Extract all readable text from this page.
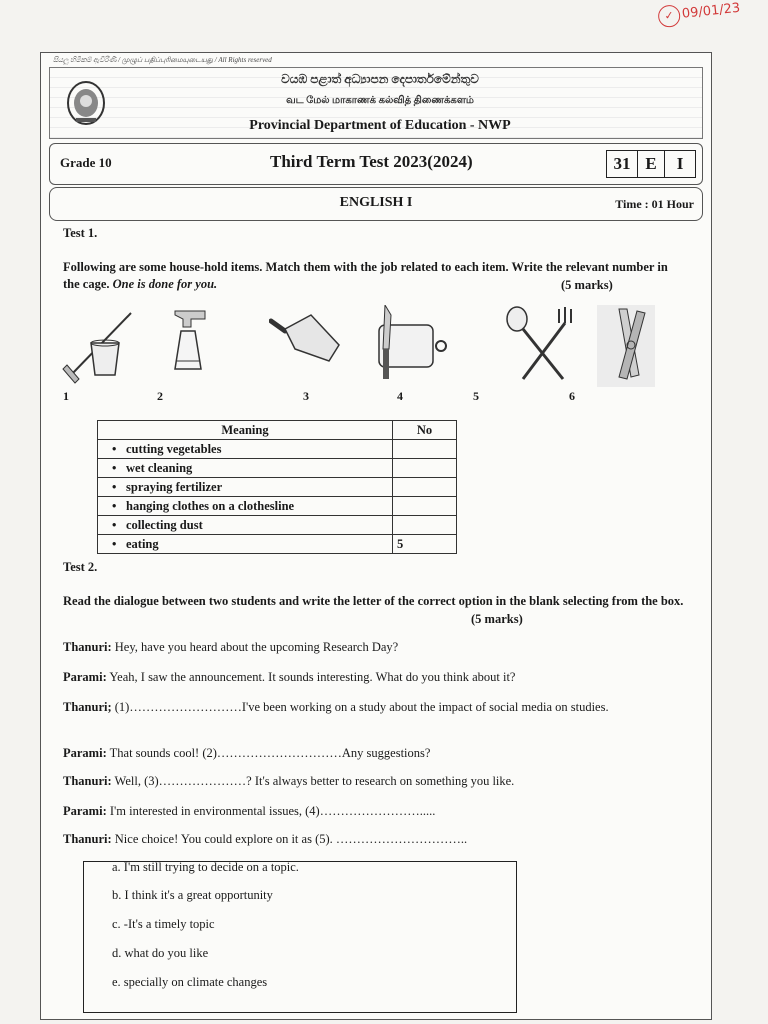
✓ 09/01/23
සියලු හිමිකම් ඇවිරිණි / முழுப் பதிப்புரிமையுடையது / All Rights reserved
වයඹ පළාත් අධ්‍යාපන දෙපාර්තමේන්තුව
வட மேல் மாகாணக் கல்வித் திணைக்களம்
Provincial Department of Education - NWP
Grade 10	Third Term Test 2023(2024)	31 E	I
ENGLISH I	Time : 01 Hour
Test 1.
Following are some house-hold items. Match them with the job related to each item. Write the relevant number in the cage. One is done for you.	(5 marks)
1	2	3	4	5	6
Meaning	No
• cutting vegetables	
• wet cleaning	
• spraying fertilizer	
• hanging clothes on a clothesline	
• collecting dust	
• eating	5
Test 2.
Read the dialogue between two students and write the letter of the correct option in the blank selecting from the box.
(5 marks)
Thanuri: Hey, have you heard about the upcoming Research Day?
Parami: Yeah, I saw the announcement. It sounds interesting. What do you think about it?
Thanuri; (1)………………………I've been working on a study about the impact of social media on studies.
Parami: That sounds cool! (2)…………………………Any suggestions?
Thanuri: Well, (3)…………………? It's always better to research on something you like.
Parami: I'm interested in environmental issues, (4)…………………….....
Thanuri: Nice choice! You could explore on it as (5). …………………………..
a. I'm still trying to decide on a topic.
b. I think it's a great opportunity
c. -It's a timely topic
d. what do you like
e. specially on climate changes
